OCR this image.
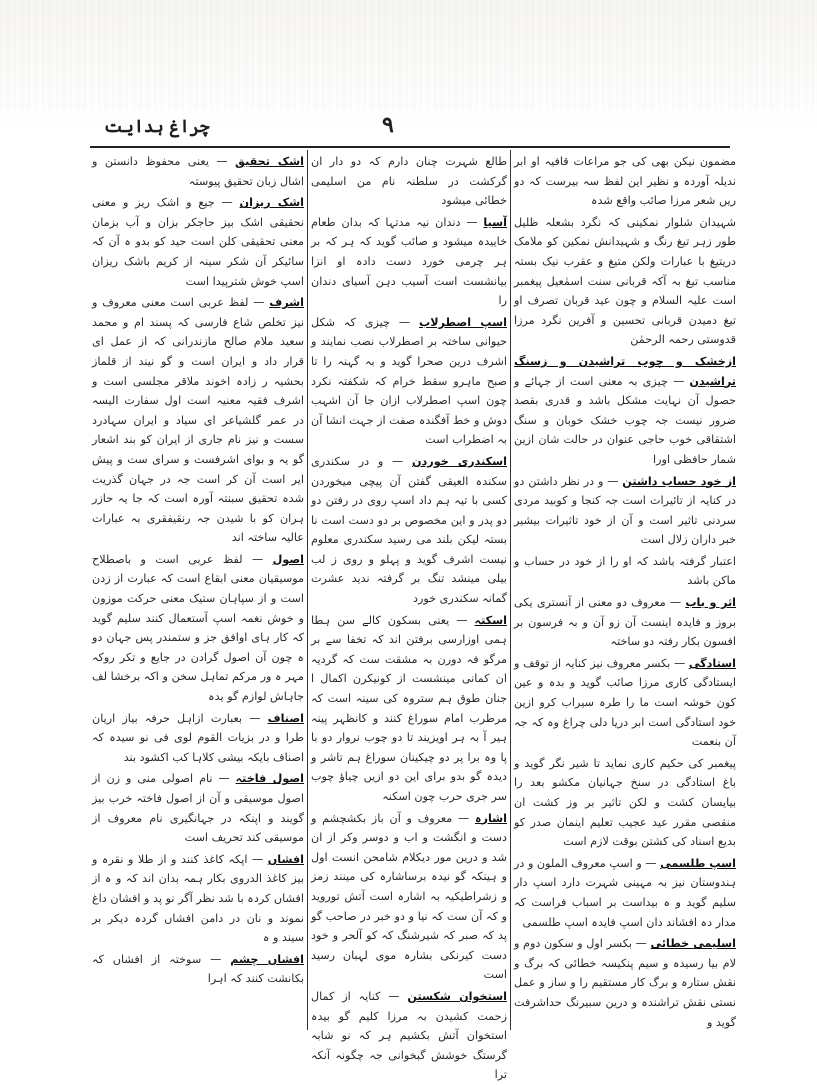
چراغ ہدایت	۹

مضمون نیکن بھی کی جو مراعات قافیہ او ابر ندیلہ آوردہ و نظیر این لفظ سہ بیرست کہ دو ریں شعر مرزا صائب واقع شدہ

شہیدان شلوار نمکینی کہ نگرد بشعلہ ظلیل طور زہر تیغ رنگ و شہیدانش نمکین کو ملامک دریتیغ با عبارات ولکن متیغ و عقرب نیک بستہ مناسب تیغ بہ آکہ قربانی سنت اسمٰعیل پیغمبر است علیہ السلام و چون عید قربان تصرف او تیغ دمیدن قربانی تحسین و آفرین نگرد مرزا قدوستی رحمہ الرحمٰن

ازخشک و چوب تراشیدن و زسنگ تراشیدن — چیزی بہ معنی است از جہائے و حصول آن نہایت مشکل باشد و قدری بقصد ضرور نیست جہ چوب خشک خوبان و سنگ اشتقاقی خوب حاجی عنوان در حالت شان ازین شمار حافظی اورا

از خود حساب داشتن — و در نظر داشتن دو در کنایہ از تائیرات است جہ کنجا و کوبید مردی سردنی تاثیر است و آن از خود تاثیرات بیشیر خبر داران زلال است

اعتبار گرفتہ باشد کہ او را از خود در حساب و ماکن باشد

اثر و باب — معروف دو معنی از آنستری یکی بروز و فایدہ اینست آن زو آن و بہ فرسون بر افسون بکار رفتہ دو ساختہ

استادگی — بکسر معروف نیز کنایہ از توقف و ایستادگی کاری مرزا صائب گوید و بدہ و عین کون خوشہ است ما را طرہ سیراب کرو ازین خود استادگی است ابر دریا دلی چراغ وہ کہ جہ آن بنعمت

پیغمبر کی حکیم کاری نماید تا شیر نگر گوید و باغ استادگی در سنخ جہانیان مکشو بعد را بیایسان کشت و لکن تاثیر بر وز کشت ان منقصی مقرر عید عجیب تعلیم اینمان صدر کو بدیع اسناد کی کشتن بوقت لازم است

اسپ طلسمی — و اسپ معروف الملون و در ہندوستان نیز بہ مہینی شہرت دارد اسپ دار سلیم گوید و ہ بیداست بر اسباب فراست کہ مدار دہ افشاند دان اسپ فایدہ اسپ طلسمی

اسلیمی خطائی — بکسر اول و سکون دوم و لام بیا رسیدہ و سیم پنکیسہ خطائی کہ برگ و نقش ستارہ و برگ کار مستقیم را و ساز و عمل نستی نقش تراشندہ و درین سبیرنگ حداشرفت گوید و

طالع شہرت چنان دارم کہ دو دار ان گرکشت در سلطنہ نام من اسلیمی خطائی میشود

آسیا — دندان نیہ مدتہا کہ بدان طعام خاییدہ میشود و صائب گوید کہ ہر کہ بر ہر چرمی خورد دست دادہ او انزا بیانشست است آسیب دہن آسیای دندان را

اسپ اصطرلاب — چیزی کہ شکل حیوانی ساختہ بر اصطرلاب نصب نمایند و اشرف درین صحرا گوید و بہ گہنہ را تا صبح ماہرو سقط خرام کہ شکفتہ نکرد چون اسپ اصطرلاب ازان جا آن اشہب دوش و خط آفگندہ صفت از جہت انشا آن بہ اضطراب است

اسکندری خوردن — و در سکندری سکندہ العیقی گفتن آن پیچی میخوردن کسی با تیہ ہم داد اسپ روی در رفتن دو دو پدر و این مخصوص بر دو دست است نا بستہ لیکن بلند می رسید سکندری معلوم نیست اشرف گوید و پہلو و روی ز لب بیلی مینشد تنگ بر گرفتہ ندید عشرت گمانہ سکندری خورد

اسکتہ — یعنی بسکون کالے سن ہطا ہمی اوزارسی برفتن اند کہ تخفا سے بر مرگو فہ دورن بہ مشقت ست کہ گردیہ ان کمانی مینشست از کونیکرن اکمال ا جنان طوق ہم ستروہ کی سینہ است کہ مرطرب امام سوراغ کنند و کانظہر پینہ ہیر آ بہ ہر اویزیند تا دو چوب نروار دو با پا وہ برا پر دو چیکینان سوراغ ہم تاشر و دیدہ گو بدو برای این دو ازیں چیاؤ چوب سر جری حرب چون اسکنہ

اشارہ — معروف و آن باز بکشچشم و دست و انگشت و اب و دوسر وکر از ان شد و درین مور دیکلام شامحن انست اول و ہینکہ گو نیدہ برساشارہ کی مینند زمز و زشراطیکیہ بہ اشارہ است آتش توروید و کہ آن ست کہ نیا و دو خبر در صاحب گو پد کہ صبر کہ شیرشنگ کہ کو آلحر و خود دست کیرنکی بشارہ موی لہبان رسید است

استخوان شکستن — کنایہ از کمال زحمت کشیدن بہ مرزا کلیم گو بیدہ استخوان آتش بکشیم ہر کہ نو شابہ گرستگ خوشش گبخوانی جہ چگونہ آنکہ ترا

اشک تحقیق — یعنی محفوظ دانستن و اشال زبان تحقیق پیوستہ

اشک ریزان — جیع و اشک ریز و معنی نحقیقی اشک بیز حاجکر بزان و آب بزمان معنی تحقیقی کلن است حید کو بدو ہ آن کہ سائیکر آن شکر سینہ از کریم باشک ریزان اسپ خوش شترپیدا است

اشرف — لفظ عربی است معنی معروف و نیز تخلص شاع فارسی کہ پسند ام و محمد سعید ملام صالح مازندرانی کہ از عمل ای قرار داد و ایران است و گو نیند از قلماز بحشیہ ر زادہ اخوند ملاقر مجلسی است و اشرف فقیہ معنیہ است اول سفارت الیسہ در عمر گلشیاعر ای سیاد و ایران سہادرد سست و نیز نام جاری از ایران کو بند اشعار گو یہ و بوای اشرفست و سرای ست و پیش ایر است آن کر است جہ در جہان گذریت شدہ تحقیق سبنتہ آورہ است کہ جا یہ حازر ہران کو با شیدن جہ رنقیفقری بہ عبارات عالیہ ساختہ اند

اصول — لفظ عربی است و باصطلاح موسیقیان معنی ابقاع است کہ عبارت از زدن است و از سپاہان ستیک معنی حرکت موزون و خوش نغمہ اسپ آستعمال کنند سلیم گوید کہ کار ہای اوافق جز و ستمندر پس جہان دو ہ چون آن اصول گرادن در جایع و تکر روکہ مہر ہ ور مرکم تماہل سخن و اکہ برخشا لف جاہاش لوازم گو یدہ

اصناف — بعبارت ازاہل حرفہ بیاز اریان طرا و در بزیات القوم لوی فی نو سیدہ کہ اصناف بایکہ بیشی کلاہا کب اکشود بند

اصول فاختہ — نام اصولی منی و زن از اصول موسیقی و آن از اصول فاختہ خرب بیز گویند و اپنکہ در جہانگیری نام معروف از موسیقی کند تحریف است

افشاں — اپکہ کاغذ کنند و از طلا و نقرہ و بیز کاغذ الدروی بکار ہمہ بدان اند کہ و ہ از افشاں کردہ با شد نظر آگر نو پد و افشان داغ نموند و نان در دامن افشاں گردہ دیکر بر سیند و ہ

افشاں چشم — سوختہ از افشاں کہ بکانشت کنند کہ اہرا
